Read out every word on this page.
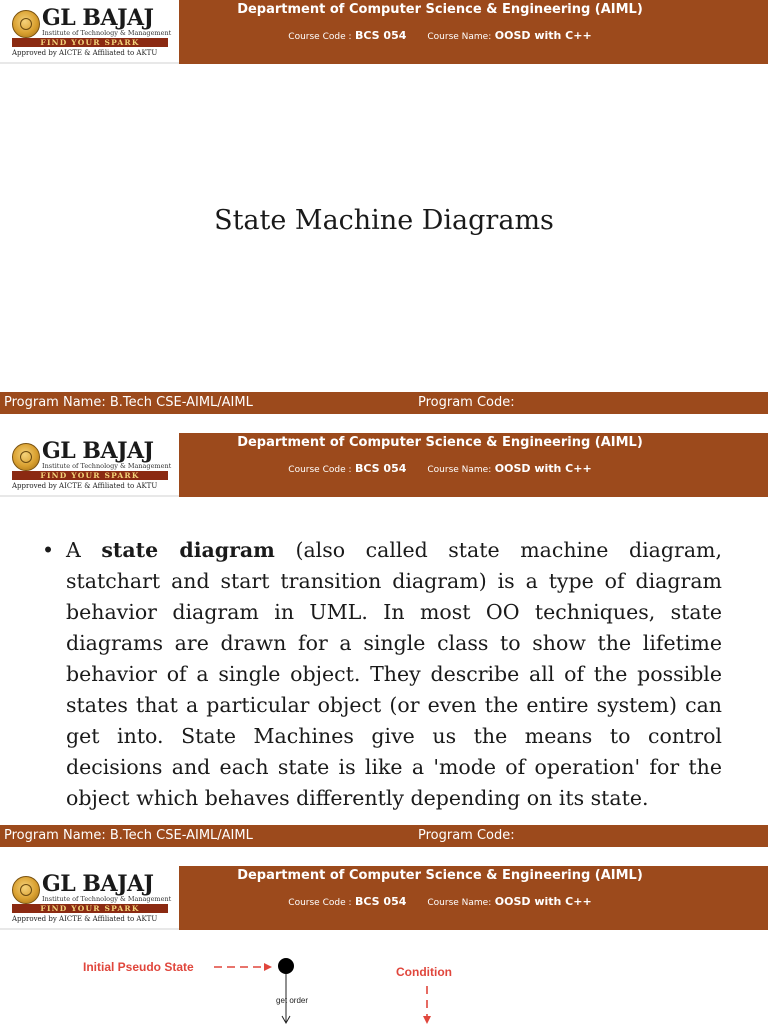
GL BAJAJ
Institute of Technology & Management
FIND YOUR SPARK
Approved by AICTE & Affiliated to AKTU
Department of Computer Science & Engineering (AIML)
Course Code : BCS 054 Course Name: OOSD with C++
State Machine Diagrams
Program Name: B.Tech CSE-AIML/AIML	Program Code:
GL BAJAJ
Institute of Technology & Management
FIND YOUR SPARK
Approved by AICTE & Affiliated to AKTU
Department of Computer Science & Engineering (AIML)
Course Code : BCS 054 Course Name: OOSD with C++
• A state diagram (also called state machine diagram, statchart and start transition diagram) is a type of diagram behavior diagram in UML. In most OO techniques, state diagrams are drawn for a single class to show the lifetime behavior of a single object. They describe all of the possible states that a particular object (or even the entire system) can get into. State Machines give us the means to control decisions and each state is like a 'mode of operation' for the object which behaves differently depending on its state.
Program Name: B.Tech CSE-AIML/AIML	Program Code:
GL BAJAJ
Institute of Technology & Management
FIND YOUR SPARK
Approved by AICTE & Affiliated to AKTU
Department of Computer Science & Engineering (AIML)
Course Code : BCS 054 Course Name: OOSD with C++
Initial Pseudo State
get order
Condition
